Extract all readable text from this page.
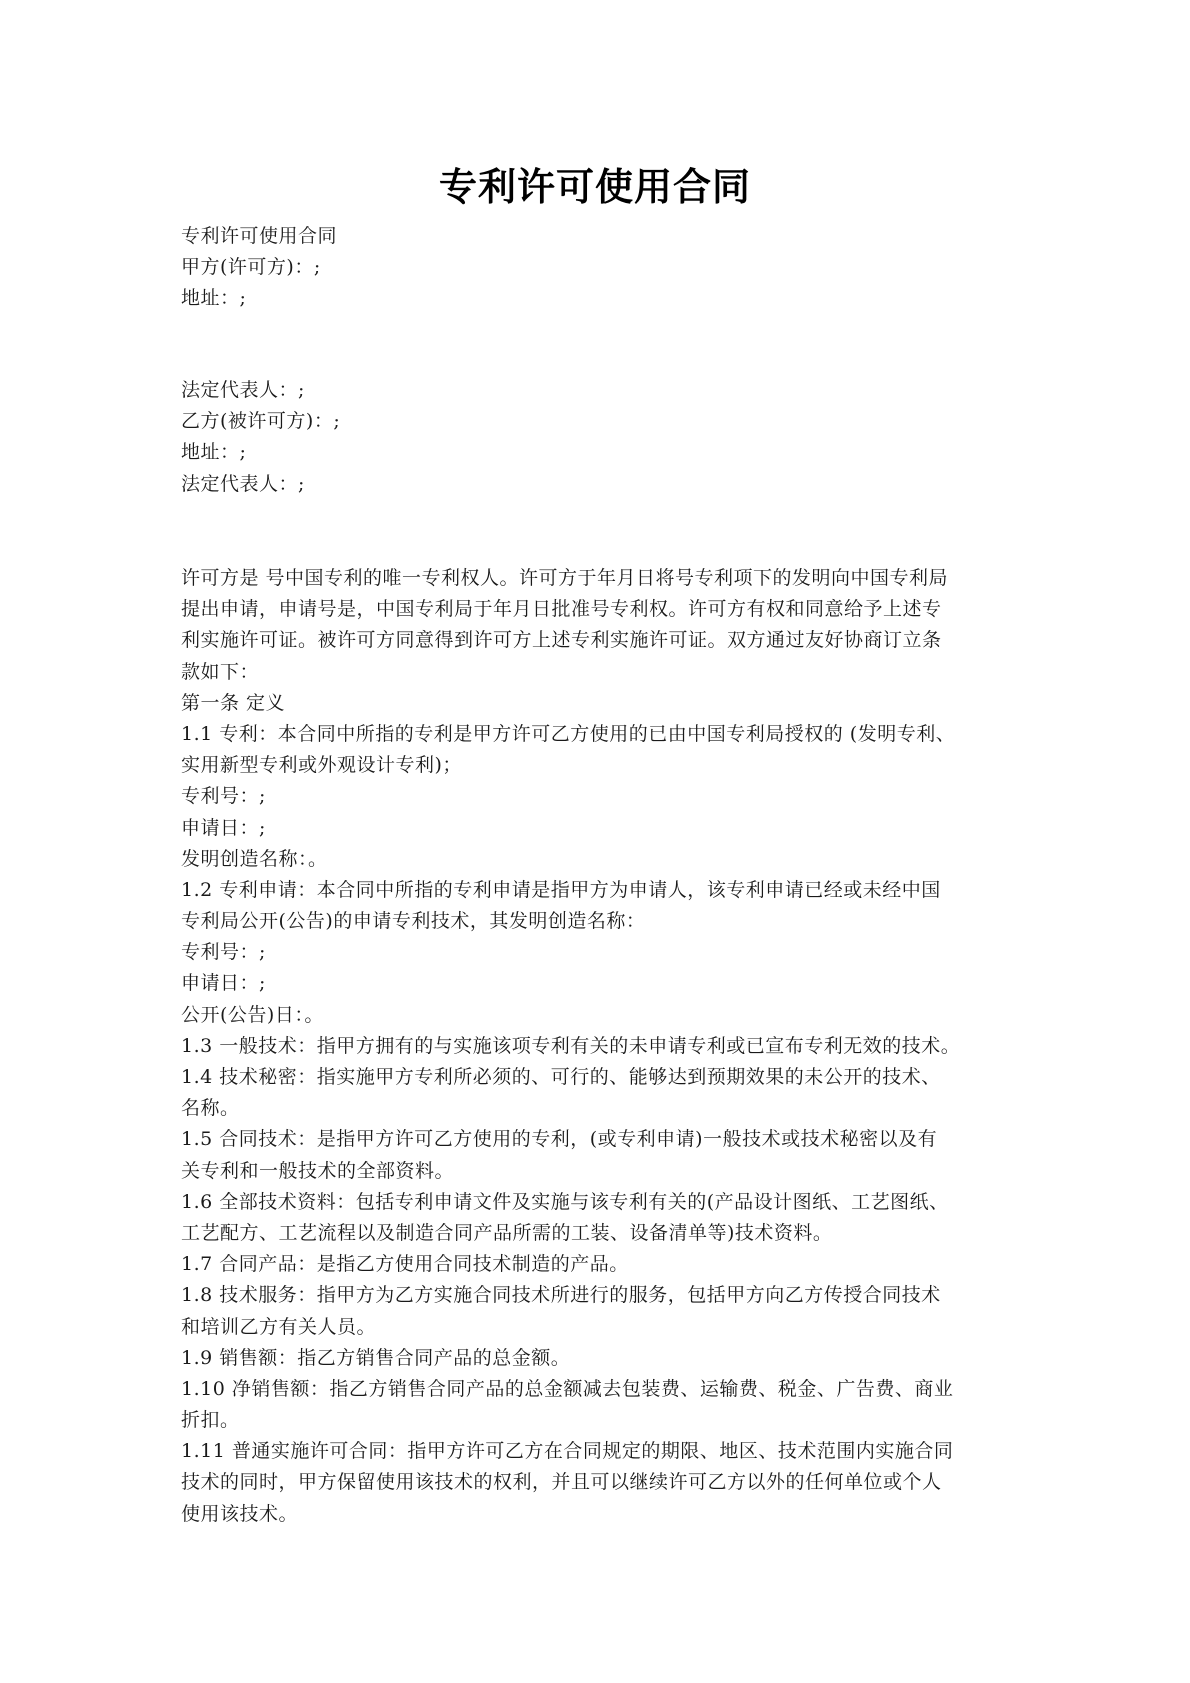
专利许可使用合同
专利许可使用合同
甲方(许可方)：;
地址：;
法定代表人：;
乙方(被许可方)：;
地址：;
法定代表人：;
许可方是 号中国专利的唯一专利权人。许可方于年月日将号专利项下的发明向中国专利局
提出申请，申请号是，中国专利局于年月日批准号专利权。许可方有权和同意给予上述专
利实施许可证。被许可方同意得到许可方上述专利实施许可证。双方通过友好协商订立条
款如下：
第一条 定义
1.1 专利：本合同中所指的专利是甲方许可乙方使用的已由中国专利局授权的 (发明专利、
实用新型专利或外观设计专利)；
专利号：;
申请日：;
发明创造名称：。
1.2 专利申请：本合同中所指的专利申请是指甲方为申请人，该专利申请已经或未经中国
专利局公开(公告)的申请专利技术，其发明创造名称：
专利号：;
申请日：;
公开(公告)日：。
1.3 一般技术：指甲方拥有的与实施该项专利有关的未申请专利或已宣布专利无效的技术。
1.4 技术秘密：指实施甲方专利所必须的、可行的、能够达到预期效果的未公开的技术、
名称。
1.5 合同技术：是指甲方许可乙方使用的专利，(或专利申请)一般技术或技术秘密以及有
关专利和一般技术的全部资料。
1.6 全部技术资料：包括专利申请文件及实施与该专利有关的(产品设计图纸、工艺图纸、
工艺配方、工艺流程以及制造合同产品所需的工装、设备清单等)技术资料。
1.7 合同产品：是指乙方使用合同技术制造的产品。
1.8 技术服务：指甲方为乙方实施合同技术所进行的服务，包括甲方向乙方传授合同技术
和培训乙方有关人员。
1.9 销售额：指乙方销售合同产品的总金额。
1.10 净销售额：指乙方销售合同产品的总金额减去包装费、运输费、税金、广告费、商业
折扣。
1.11 普通实施许可合同：指甲方许可乙方在合同规定的期限、地区、技术范围内实施合同
技术的同时，甲方保留使用该技术的权利，并且可以继续许可乙方以外的任何单位或个人
使用该技术。
